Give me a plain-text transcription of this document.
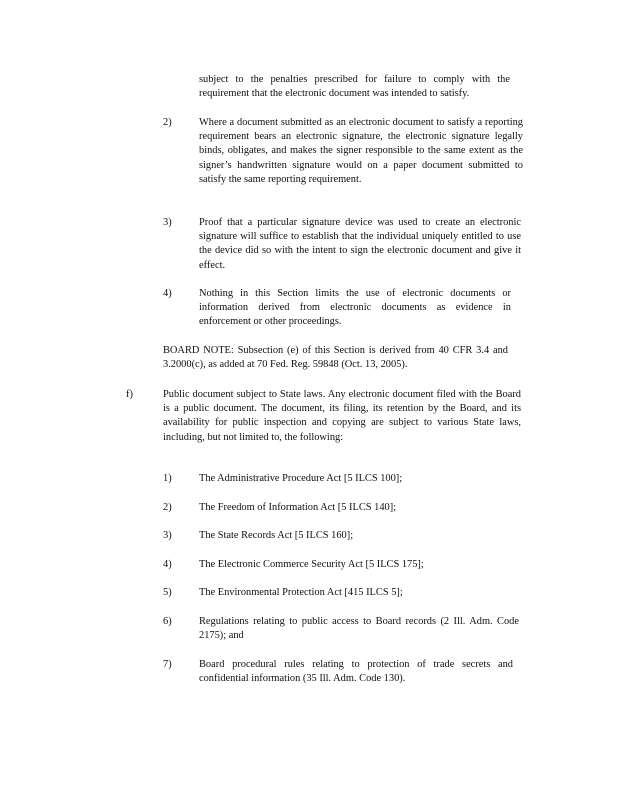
subject to the penalties prescribed for failure to comply with the requirement that the electronic document was intended to satisfy.

2)	Where a document submitted as an electronic document to satisfy a reporting requirement bears an electronic signature, the electronic signature legally binds, obligates, and makes the signer responsible to the same extent as the signer’s handwritten signature would on a paper document submitted to satisfy the same reporting requirement.

3)	Proof that a particular signature device was used to create an electronic signature will suffice to establish that the individual uniquely entitled to use the device did so with the intent to sign the electronic document and give it effect.

4)	Nothing in this Section limits the use of electronic documents or information derived from electronic documents as evidence in enforcement or other proceedings.

BOARD NOTE: Subsection (e) of this Section is derived from 40 CFR 3.4 and 3.2000(c), as added at 70 Fed. Reg. 59848 (Oct. 13, 2005).

f)	Public document subject to State laws. Any electronic document filed with the Board is a public document. The document, its filing, its retention by the Board, and its availability for public inspection and copying are subject to various State laws, including, but not limited to, the following:

1)	The Administrative Procedure Act [5 ILCS 100];

2)	The Freedom of Information Act [5 ILCS 140];

3)	The State Records Act [5 ILCS 160];

4)	The Electronic Commerce Security Act [5 ILCS 175];

5)	The Environmental Protection Act [415 ILCS 5];

6)	Regulations relating to public access to Board records (2 Ill. Adm. Code 2175); and

7)	Board procedural rules relating to protection of trade secrets and confidential information (35 Ill. Adm. Code 130).
